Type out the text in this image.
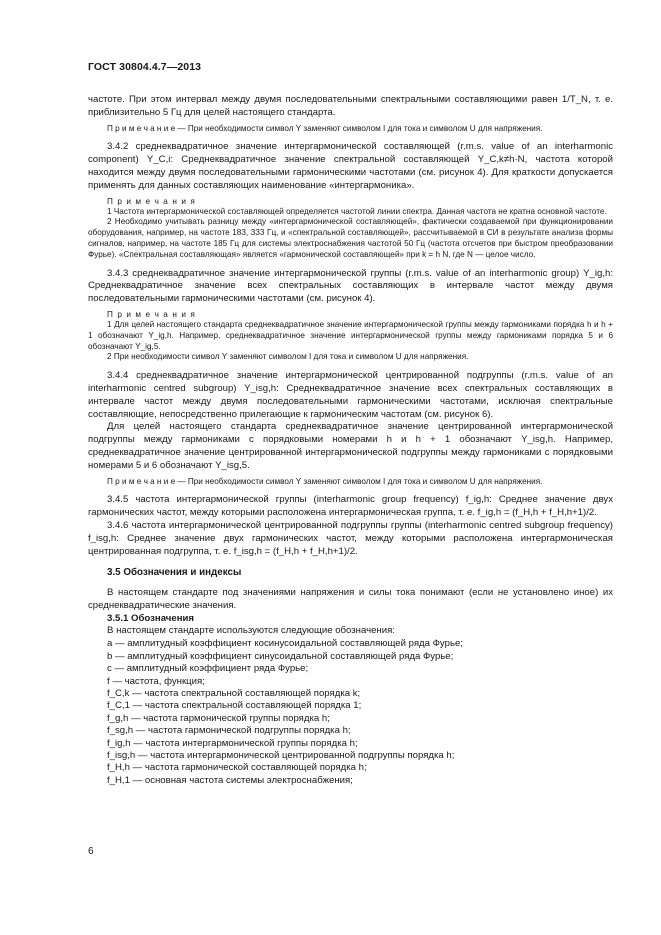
ГОСТ 30804.4.7—2013

частоте. При этом интервал между двумя последовательными спектральными составляющими равен 1/T_N, т. е. приблизительно 5 Гц для целей настоящего стандарта.

П р и м е ч а н и е — При необходимости символ Y заменяют символом I для тока и символом U для напряжения.

3.4.2 среднеквадратичное значение интергармонической составляющей (r.m.s. value of an interharmonic component) Y_C,i: Среднеквадратичное значение спектральной составляющей Y_C,k≠h·N, частота которой находится между двумя последовательными гармоническими частотами (см. рисунок 4). Для краткости допускается применять для данных составляющих наименование «интергармоника».

П р и м е ч а н и я

1 Частота интергармонической составляющей определяется частотой линии спектра. Данная частота не кратна основной частоте.

2 Необходимо учитывать разницу между «интергармонической составляющей», фактически создаваемой при функционировании оборудования, например, на частоте 183, 333 Гц, и «спектральной составляющей», рассчитываемой в СИ в результате анализа формы сигналов, например, на частоте 185 Гц для системы электроснабжения частотой 50 Гц (частота отсчетов при быстром преобразовании Фурье). «Спектральная составляющая» является «гармонической составляющей» при k = h N, где N — целое число.

3.4.3 среднеквадратичное значение интергармонической группы (r.m.s. value of an interharmonic group) Y_ig,h: Среднеквадратичное значение всех спектральных составляющих в интервале частот между двумя последовательными гармоническими частотами (см. рисунок 4).

П р и м е ч а н и я

1 Для целей настоящего стандарта среднеквадратичное значение интергармонической группы между гармониками порядка h и h + 1 обозначают Y_ig,h. Например, среднеквадратичное значение интергармонической группы между гармониками порядка 5 и 6 обозначают Y_ig,5.

2 При необходимости символ Y заменяют символом I для тока и символом U для напряжения.

3.4.4 среднеквадратичное значение интергармонической центрированной подгруппы (r.m.s. value of an interharmonic centred subgroup) Y_isg,h: Среднеквадратичное значение всех спектральных составляющих в интервале частот между двумя последовательными гармоническими частотами, исключая спектральные составляющие, непосредственно прилегающие к гармоническим частотам (см. рисунок 6).

Для целей настоящего стандарта среднеквадратичное значение центрированной интергармонической подгруппы между гармониками с порядковыми номерами h и h + 1 обозначают Y_isg,h. Например, среднеквадратичное значение центрированной интергармонической подгруппы между гармониками с порядковыми номерами 5 и 6 обозначают Y_isg,5.

П р и м е ч а н и е — При необходимости символ Y заменяют символом I для тока и символом U для напряжения.

3.4.5 частота интергармонической группы (interharmonic group frequency) f_ig,h: Среднее значение двух гармонических частот, между которыми расположена интергармоническая группа, т. е. f_ig,h = (f_H,h + f_H,h+1)/2.

3.4.6 частота интергармонической центрированной подгруппы группы (interharmonic centred subgroup frequency) f_isg,h: Среднее значение двух гармонических частот, между которыми расположена интергармоническая центрированная подгруппа, т. е. f_isg,h = (f_H,h + f_H,h+1)/2.

3.5 Обозначения и индексы

В настоящем стандарте под значениями напряжения и силы тока понимают (если не установлено иное) их среднеквадратические значения.

3.5.1 Обозначения

В настоящем стандарте используются следующие обозначения:

a — амплитудный коэффициент косинусоидальной составляющей ряда Фурье;

b — амплитудный коэффициент синусоидальной составляющей ряда Фурье;

c — амплитудный коэффициент ряда Фурье;

f — частота, функция;

f_C,k — частота спектральной составляющей порядка k;

f_C,1 — частота спектральной составляющей порядка 1;

f_g,h — частота гармонической группы порядка h;

f_sg,h — частота гармонической подгруппы порядка h;

f_ig,h — частота интергармонической группы порядка h;

f_isg,h — частота интергармонической центрированной подгруппы порядка h;

f_H,h — частота гармонической составляющей порядка h;

f_H,1 — основная частота системы электроснабжения;

6
